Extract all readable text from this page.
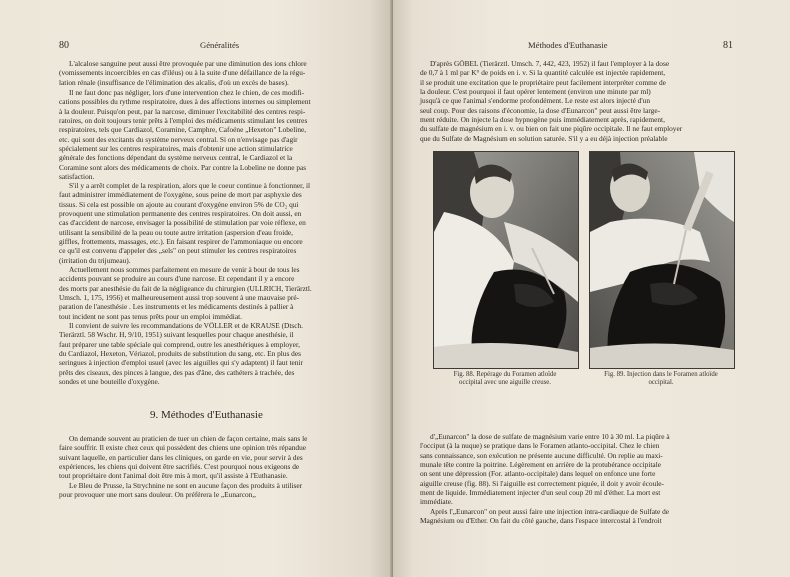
80	Généralités

L'alcalose sanguine peut aussi être provoquée par une diminution des ions chlore
(vomissements incoercibles en cas d'iléus) ou à la suite d'une défaillance de la régu-
lation rénale (insuffisance de l'élimination des alcalis, d'où un excès de bases).

Il ne faut donc pas négliger, lors d'une intervention chez le chien, de ces modifi-
cations possibles du rythme respiratoire, dues à des affections internes ou simplement
à la douleur. Puisqu'on peut, par la narcose, diminuer l'excitabilité des centres respi-
ratoires, on doit toujours tenir prêts à l'emploi des médicaments stimulant les centres
respiratoires, tels que Cardiazol, Coramine, Camphre, Cafoéne „Hexeton" Lobeline,
etc. qui sont des excitants du système nerveux central. Si on n'envisage pas d'agir
spécialement sur les centres respiratoires, mais d'obtenir une action stimulatrice
générale des fonctions dépendant du système nerveux central, le Cardiazol et la
Coramine sont alors des médicaments de choix. Par contre la Lobeline ne donne pas
satisfaction.

S'il y a arrêt complet de la respiration, alors que le coeur continue à fonctionner, il
faut administrer immédiatement de l'oxygène, sous peine de mort par asphyxie des
tissus. Si cela est possible on ajoute au courant d'oxygène environ 5% de CO₂ qui
provoquent une stimulation permanente des centres respiratoires. On doit aussi, en
cas d'accident de narcose, envisager la possibilité de stimulation par voie réflexe, en
utilisant la sensibilité de la peau ou toute autre irritation (aspersion d'eau froide,
giffles, frottements, massages, etc.). En faisant respirer de l'ammoniaque ou encore
ce qu'il est convenu d'appeler des „sels" on peut stimuler les centres respiratoires
(irritation du trijumeau).

Actuellement nous sommes parfaitement en mesure de venir à bout de tous les
accidents pouvant se produire au cours d'une narcose. Et cependant il y a encore
des morts par anesthésie du fait de la négligeance du chirurgien (ULLRICH, Tierärztl.
Umsch. 1, 175, 1956) et malheureusement aussi trop souvent à une mauvaise pré-
paration de l'anesthésie . Les instruments et les médicaments destinés à pallier à
tout incident ne sont pas tenus prêts pour un emploi immédiat.

Il convient de suivre les recommandations de VÖLLER et de KRAUSE (Dtsch.
Tierärztl. 58 Wschr. H, 9/10, 1951) suivant lesquelles pour chaque anesthésie, il
faut préparer une table spéciale qui comprend, outre les anesthériques à employer,
du Cardiazol, Hexeton, Vériazol, produits de substitution du sang, etc. En plus des
seringues à injection d'emploi usuel (avec les aiguilles qui s'y adaptent) il faut tenir
prêts des ciseaux, des pinces à langue, des pas d'âne, des cathéters à trachée, des
sondes et une bouteille d'oxygène.

9. Méthodes d'Euthanasie

On demande souvent au praticien de tuer un chien de façon certaine, mais sans le
faire souffrir. Il existe chez ceux qui possèdent des chiens une opinion très répandue
suivant laquelle, en particulier dans les cliniques, on garde en vie, pour servir à des
expériences, les chiens qui doivent être sacrifiés. C'est pourquoi nous exigeons de
tout propriétaire dont l'animal doit être mis à mort, qu'il assiste à l'Euthanasie.

Le Bleu de Prusse, la Strychnine ne sont en aucune façon des produits à utiliser
pour provoquer une mort sans douleur. On préférera le „Eunarcon,,

Méthodes d'Euthanasie	81

D'après GÖBEL (Tierärztl. Umsch. 7, 442, 423, 1952) il faut l'employer à la dose
de 0,7 à 1 ml par K° de poids en i. v. Si la quantité calculée est injectée rapidement,
il se produit une excitation que le propriétaire peut facilement interpréter comme de
la douleur. C'est pourquoi il faut opérer lentement (environ une minute par ml)
jusqu'à ce que l'animal s'endorme profondément. Le reste est alors injecté d'un
seul coup. Pour des raisons d'économie, la dose d'Eunarcon" peut aussi être large-
ment réduite. On injecte la dose hypnogène puis immédiatement après, rapidement,
du sulfate de magnésium en i. v. ou bien on fait une piqûre occipitale. Il ne faut employer
que du Sulfate de Magnésium en solution saturée. S'il y a eu déjà injection préalable

Fig. 88. Repérage du Foramen atloïde
occipital avec une aiguille creuse.
Fig. 89. Injection dans le Foramen atloïde
occipital.

d'„Eunarcon" la dose de sulfate de magnésium varie entre 10 à 30 ml. La piqûre à
l'occiput (à la nuque) se pratique dans le Foramen atlanto-occipital. Chez le chien
sans connaissance, son exécution ne présente aucune difficulté. On replie au maxi-
munale tête contre la poitrine. Légèrement en arrière de la protubérance occipitale
on sent une dépression (For. atlanto-occipitale) dans lequel on enfonce une forte
aiguille creuse (fig. 88). Si l'aiguille est correctement piquée, il doit y avoir écoule-
ment de liquide. Immédiatement injecter d'un seul coup 20 ml d'éther. La mort est
immédiate.

Après l'„Eunarcon" on peut aussi faire une injection intra-cardiaque de Sulfate de
Magnésium ou d'Ether. On fait du côté gauche, dans l'espace intercostal à l'endroit
